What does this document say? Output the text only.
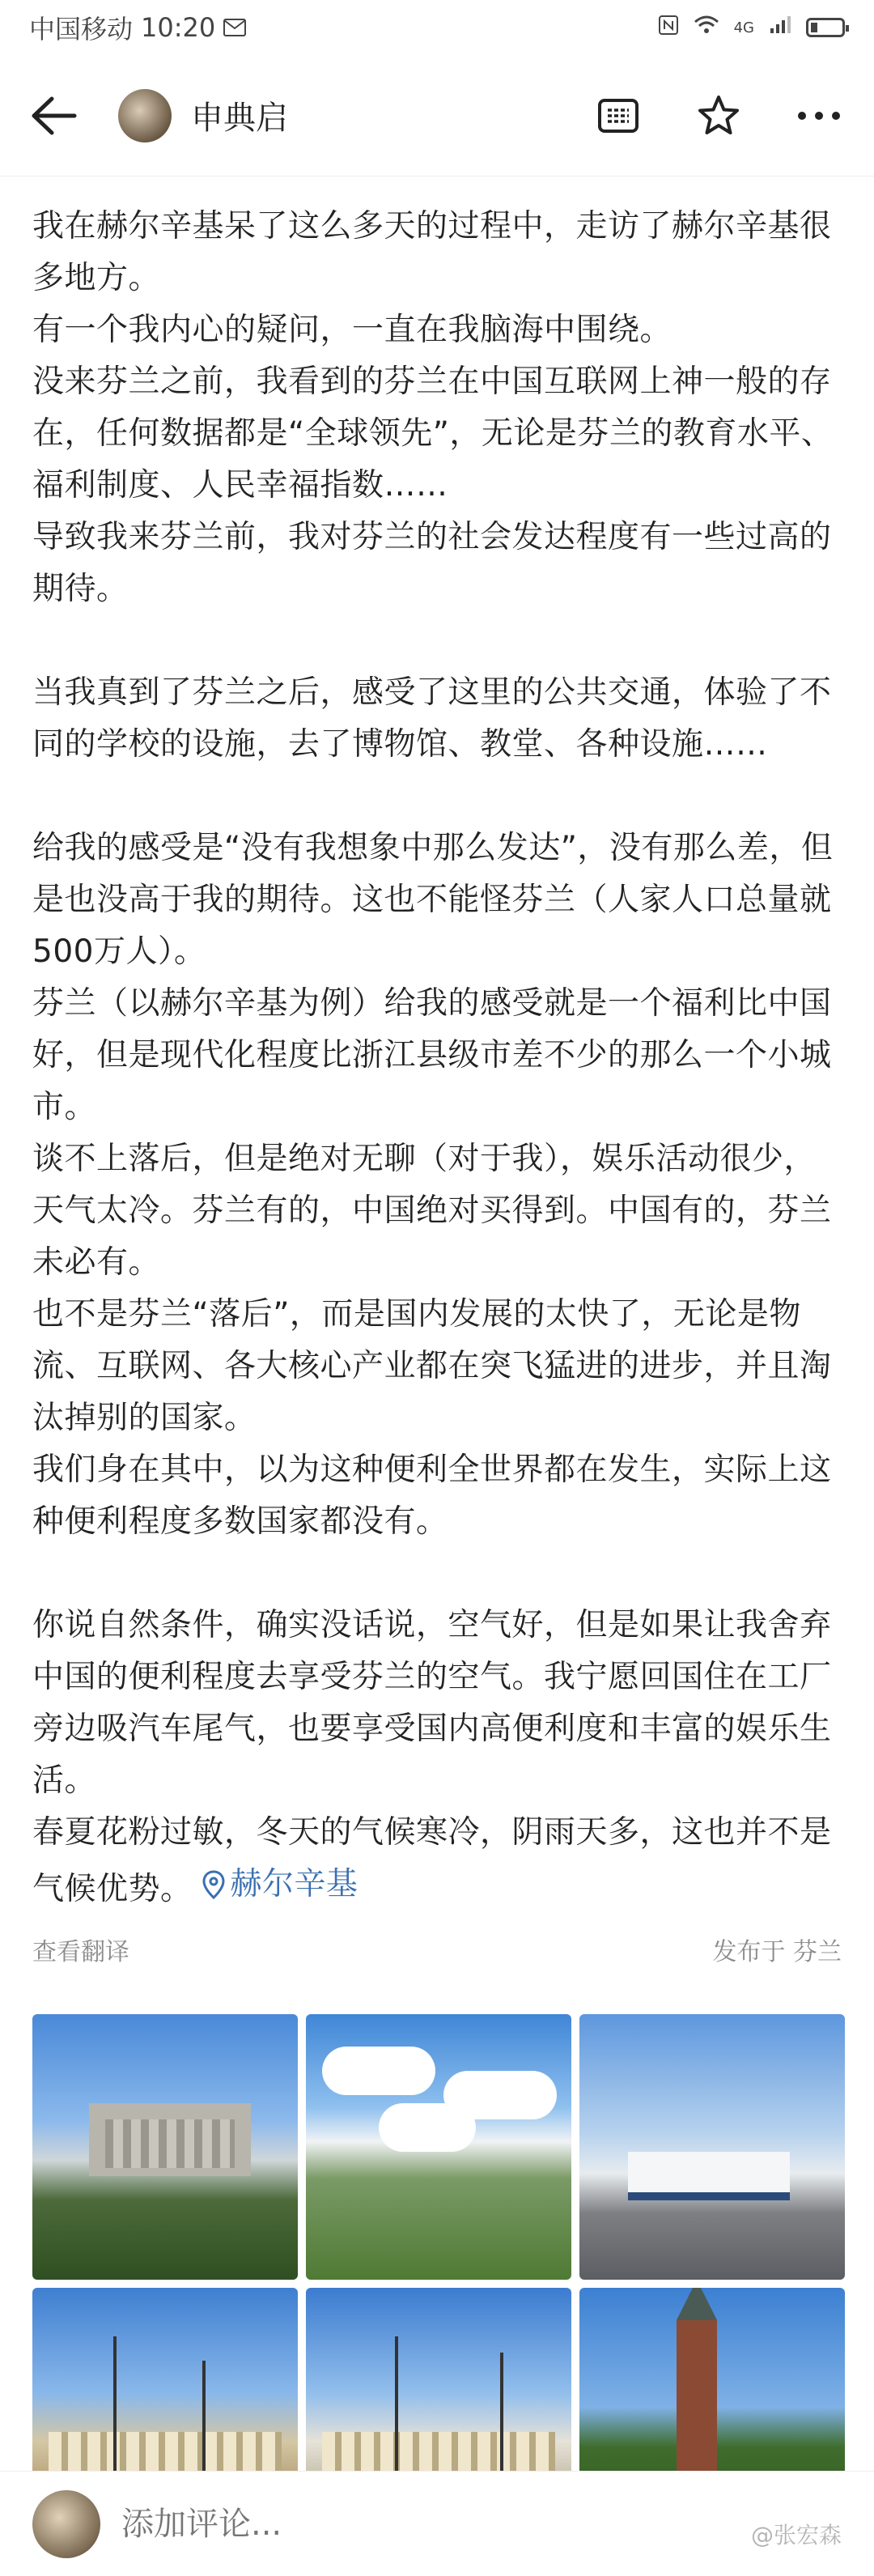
中国移动 10:20	4G
申典启

我在赫尔辛基呆了这么多天的过程中，走访了赫尔辛基很多地方。

有一个我内心的疑问，一直在我脑海中围绕。

没来芬兰之前，我看到的芬兰在中国互联网上神一般的存在，任何数据都是“全球领先”，无论是芬兰的教育水平、福利制度、人民幸福指数……

导致我来芬兰前，我对芬兰的社会发达程度有一些过高的期待。

当我真到了芬兰之后，感受了这里的公共交通，体验了不同的学校的设施，去了博物馆、教堂、各种设施……

给我的感受是“没有我想象中那么发达”，没有那么差，但是也没高于我的期待。这也不能怪芬兰（人家人口总量就500万人）。

芬兰（以赫尔辛基为例）给我的感受就是一个福利比中国好，但是现代化程度比浙江县级市差不少的那么一个小城市。

谈不上落后，但是绝对无聊（对于我），娱乐活动很少，天气太冷。芬兰有的，中国绝对买得到。中国有的，芬兰未必有。

也不是芬兰“落后”，而是国内发展的太快了，无论是物流、互联网、各大核心产业都在突飞猛进的进步，并且淘汰掉别的国家。

我们身在其中，以为这种便利全世界都在发生，实际上这种便利程度多数国家都没有。

你说自然条件，确实没话说，空气好，但是如果让我舍弃中国的便利程度去享受芬兰的空气。我宁愿回国住在工厂旁边吸汽车尾气，也要享受国内高便利度和丰富的娱乐生活。

春夏花粉过敏，冬天的气候寒冷，阴雨天多，这也并不是气候优势。 赫尔辛基

查看翻译	发布于 芬兰
添加评论...
@张宏森
